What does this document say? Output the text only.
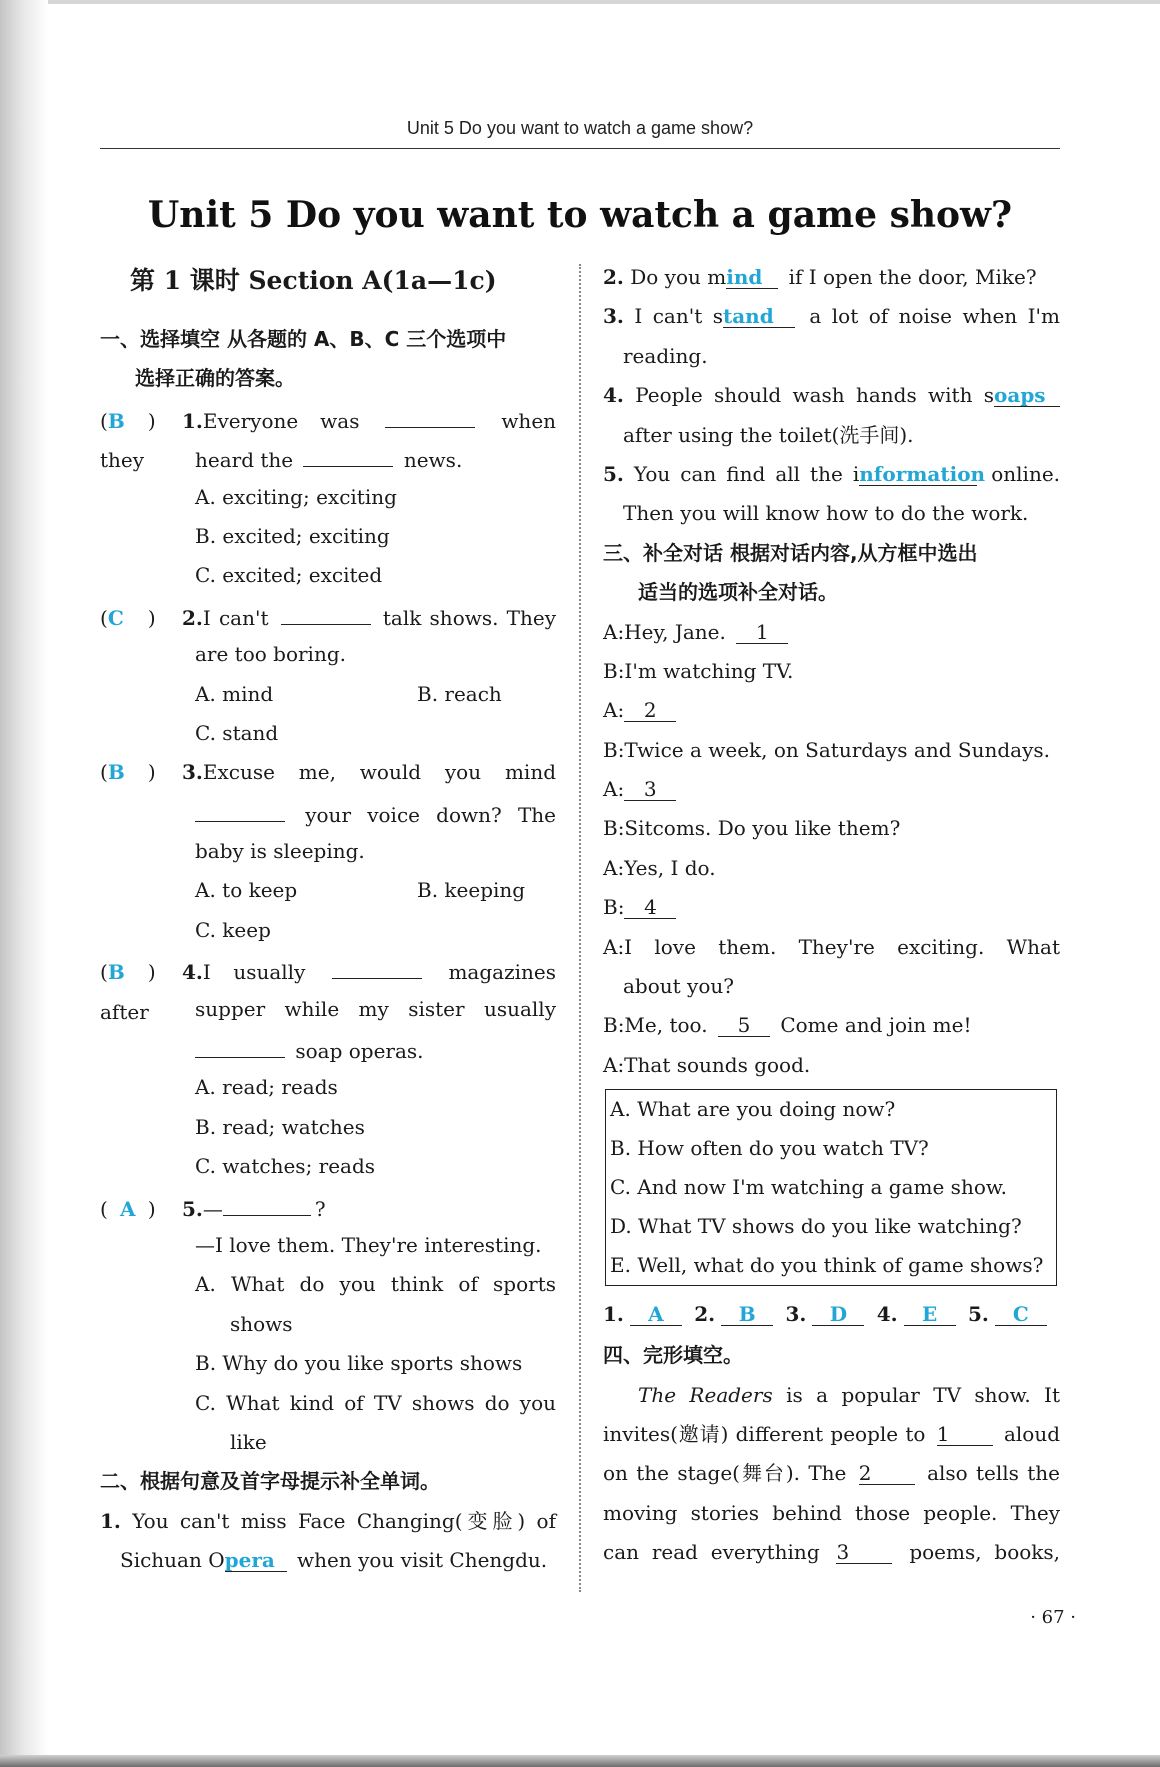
Unit 5 Do you want to watch a game show?
Unit 5 Do you want to watch a game show?
第 1 课时 Section A(1a—1c)
一、选择填空 从各题的 A、B、C 三个选项中
选择正确的答案。
(B ) 1.Everyone was	when they	heard the	news.
A. exciting; exciting
B. excited; exciting
C. excited; excited
(C ) 2.I can't	talk shows. They
are too boring.
A. mind	B. reach
C. stand
(B ) 3.Excuse me, would you mind
your voice down? The
baby is sleeping.
A. to keep	B. keeping
C. keep
(B ) 4.I usually	magazines after	supper while my sister usually
soap operas.
A. read; reads
B. read; watches
C. watches; reads
( A ) 5.—	?
—I love them. They're interesting.
A. What do you think of sports
shows
B. Why do you like sports shows
C. What kind of TV shows do you
like
二、根据句意及首字母提示补全单词。
1. You can't miss Face Changing(变脸) of
Sichuan Opera when you visit Chengdu.
2. Do you mind if I open the door, Mike?
3. I can't stand a lot of noise when I'm
reading.
4. People should wash hands with soaps
after using the toilet(洗手间).
5. You can find all the information online.
Then you will know how to do the work.
三、补全对话 根据对话内容,从方框中选出
适当的选项补全对话。
A:Hey, Jane. 1
B:I'm watching TV.
A: 2
B:Twice a week, on Saturdays and Sundays.
A: 3
B:Sitcoms. Do you like them?
A:Yes, I do.
B: 4
A:I love them. They're exciting. What
about you?
B:Me, too. 5 Come and join me!
A:That sounds good.
A. What are you doing now?
B. How often do you watch TV?
C. And now I'm watching a game show.
D. What TV shows do you like watching?
E. Well, what do you think of game shows?
1. A 2. B 3. D 4. E 5. C
四、完形填空。
The Readers is a popular TV show. It
invites(邀请) different people to 1	aloud
on the stage(舞台). The 2	also tells the
moving stories behind those people. They
can read everything 3	poems, books,
· 67 ·
